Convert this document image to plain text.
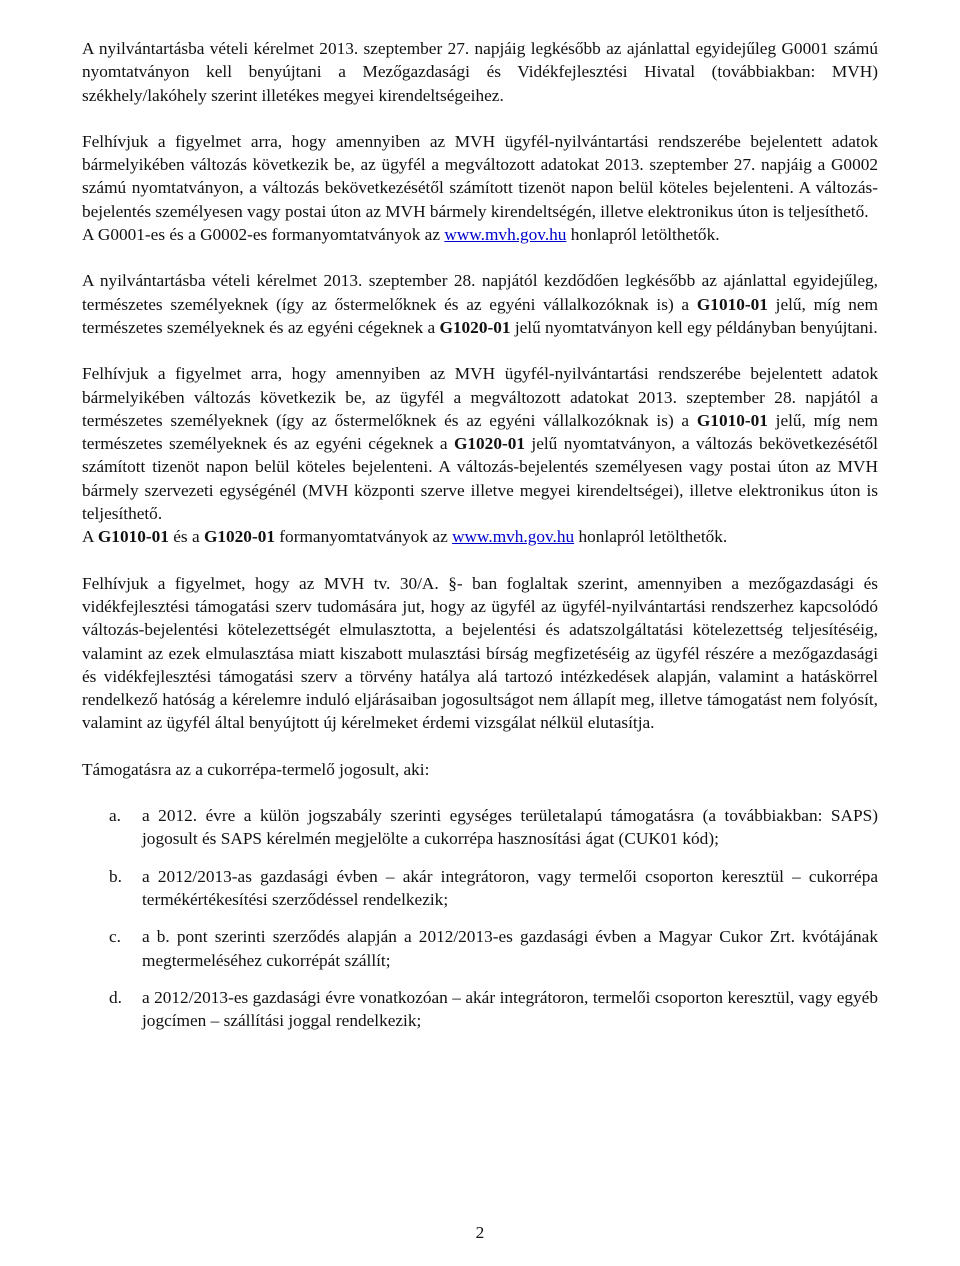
A nyilvántartásba vételi kérelmet 2013. szeptember 27. napjáig legkésőbb az ajánlattal egyidejűleg G0001 számú nyomtatványon kell benyújtani a Mezőgazdasági és Vidékfejlesztési Hivatal (továbbiakban: MVH) székhely/lakóhely szerint illetékes megyei kirendeltségeihez.

Felhívjuk a figyelmet arra, hogy amennyiben az MVH ügyfél-nyilvántartási rendszerébe bejelentett adatok bármelyikében változás következik be, az ügyfél a megváltozott adatokat 2013. szeptember 27. napjáig a G0002 számú nyomtatványon, a változás bekövetkezésétől számított tizenöt napon belül köteles bejelenteni. A változás-bejelentés személyesen vagy postai úton az MVH bármely kirendeltségén, illetve elektronikus úton is teljesíthető.

A G0001-es és a G0002-es formanyomtatványok az www.mvh.gov.hu honlapról letölthetők.

A nyilvántartásba vételi kérelmet 2013. szeptember 28. napjától kezdődően legkésőbb az ajánlattal egyidejűleg, természetes személyeknek (így az őstermelőknek és az egyéni vállalkozóknak is) a G1010-01 jelű, míg nem természetes személyeknek és az egyéni cégeknek a G1020-01 jelű nyomtatványon kell egy példányban benyújtani.

Felhívjuk a figyelmet arra, hogy amennyiben az MVH ügyfél-nyilvántartási rendszerébe bejelentett adatok bármelyikében változás következik be, az ügyfél a megváltozott adatokat 2013. szeptember 28. napjától a természetes személyeknek (így az őstermelőknek és az egyéni vállalkozóknak is) a G1010-01 jelű, míg nem természetes személyeknek és az egyéni cégeknek a G1020-01 jelű nyomtatványon, a változás bekövetkezésétől számított tizenöt napon belül köteles bejelenteni. A változás-bejelentés személyesen vagy postai úton az MVH bármely szervezeti egységénél (MVH központi szerve illetve megyei kirendeltségei), illetve elektronikus úton is teljesíthető.

A G1010-01 és a G1020-01 formanyomtatványok az www.mvh.gov.hu honlapról letölthetők.

Felhívjuk a figyelmet, hogy az MVH tv. 30/A. §- ban foglaltak szerint, amennyiben a mezőgazdasági és vidékfejlesztési támogatási szerv tudomására jut, hogy az ügyfél az ügyfél-nyilvántartási rendszerhez kapcsolódó változás-bejelentési kötelezettségét elmulasztotta, a bejelentési és adatszolgáltatási kötelezettség teljesítéséig, valamint az ezek elmulasztása miatt kiszabott mulasztási bírság megfizetéséig az ügyfél részére a mezőgazdasági és vidékfejlesztési támogatási szerv a törvény hatálya alá tartozó intézkedések alapján, valamint a hatáskörrel rendelkező hatóság a kérelemre induló eljárásaiban jogosultságot nem állapít meg, illetve támogatást nem folyósít, valamint az ügyfél által benyújtott új kérelmeket érdemi vizsgálat nélkül elutasítja.

Támogatásra az a cukorrépa-termelő jogosult, aki:

a.	a 2012. évre a külön jogszabály szerinti egységes területalapú támogatásra (a továbbiakban: SAPS) jogosult és SAPS kérelmén megjelölte a cukorrépa hasznosítási ágat (CUK01 kód);
b.	a 2012/2013-as gazdasági évben – akár integrátoron, vagy termelői csoporton keresztül – cukorrépa termékértékesítési szerződéssel rendelkezik;
c.	a b. pont szerinti szerződés alapján a 2012/2013-es gazdasági évben a Magyar Cukor Zrt. kvótájának megtermeléséhez cukorrépát szállít;
d.	a 2012/2013-es gazdasági évre vonatkozóan – akár integrátoron, termelői csoporton keresztül, vagy egyéb jogcímen – szállítási joggal rendelkezik;
2
